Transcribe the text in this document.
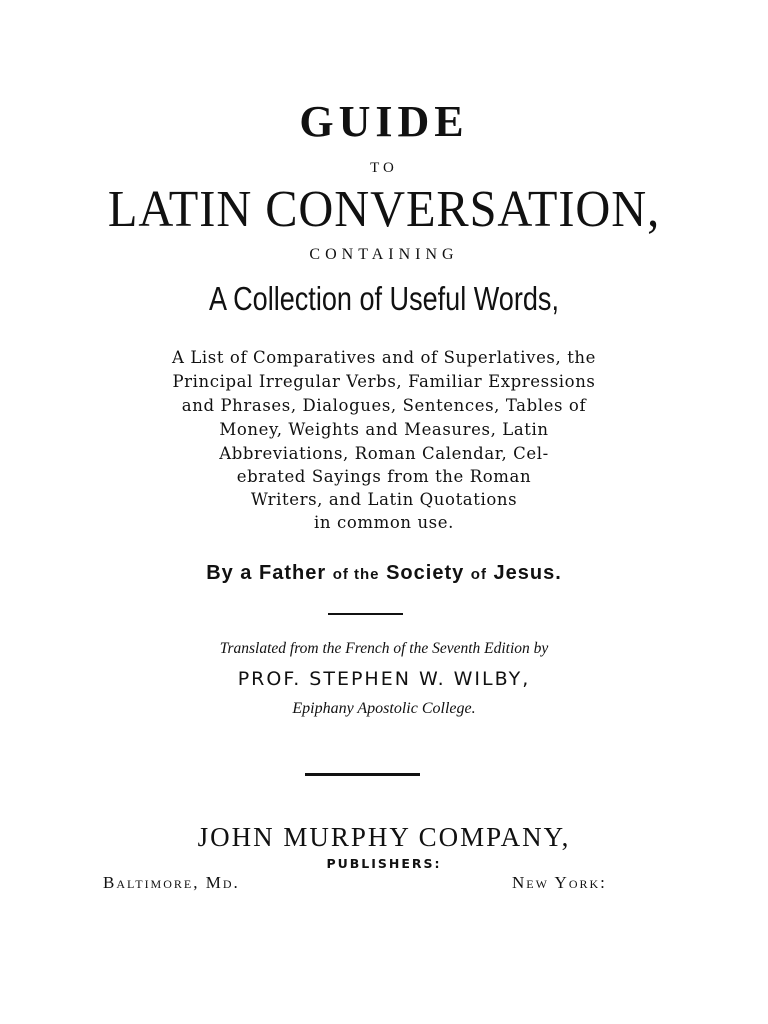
GUIDE
TO
LATIN CONVERSATION,
CONTAINING
A Collection of Useful Words,
A List of Comparatives and of Superlatives, the
Principal Irregular Verbs, Familiar Expressions
and Phrases, Dialogues, Sentences, Tables of
Money, Weights and Measures, Latin
Abbreviations, Roman Calendar, Cel-
ebrated Sayings from the Roman
Writers, and Latin Quotations
in common use.
By a Father of the Society of Jesus.
Translated from the French of the Seventh Edition by
PROF. STEPHEN W. WILBY,
Epiphany Apostolic College.
JOHN MURPHY COMPANY,
PUBLISHERS:
Baltimore, Md.	New York:
